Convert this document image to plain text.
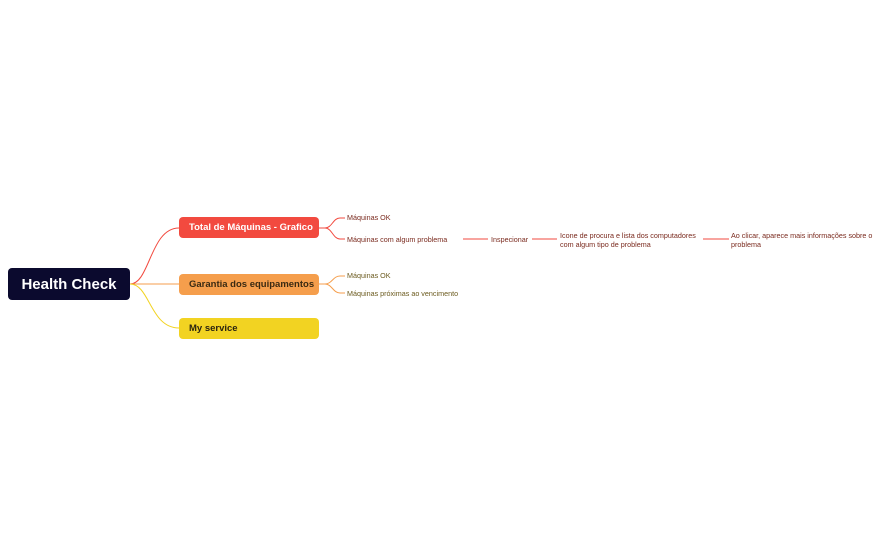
Health Check
Total de Máquinas - Grafico
Garantia dos equipamentos
My service
Máquinas OK
Máquinas com algum problema	Inspecionar	Icone de procura e lista dos computadores com algum tipo de problema
Ao clicar, aparece mais informações sobre o problema
Máquinas OK
Máquinas próximas ao vencimento
